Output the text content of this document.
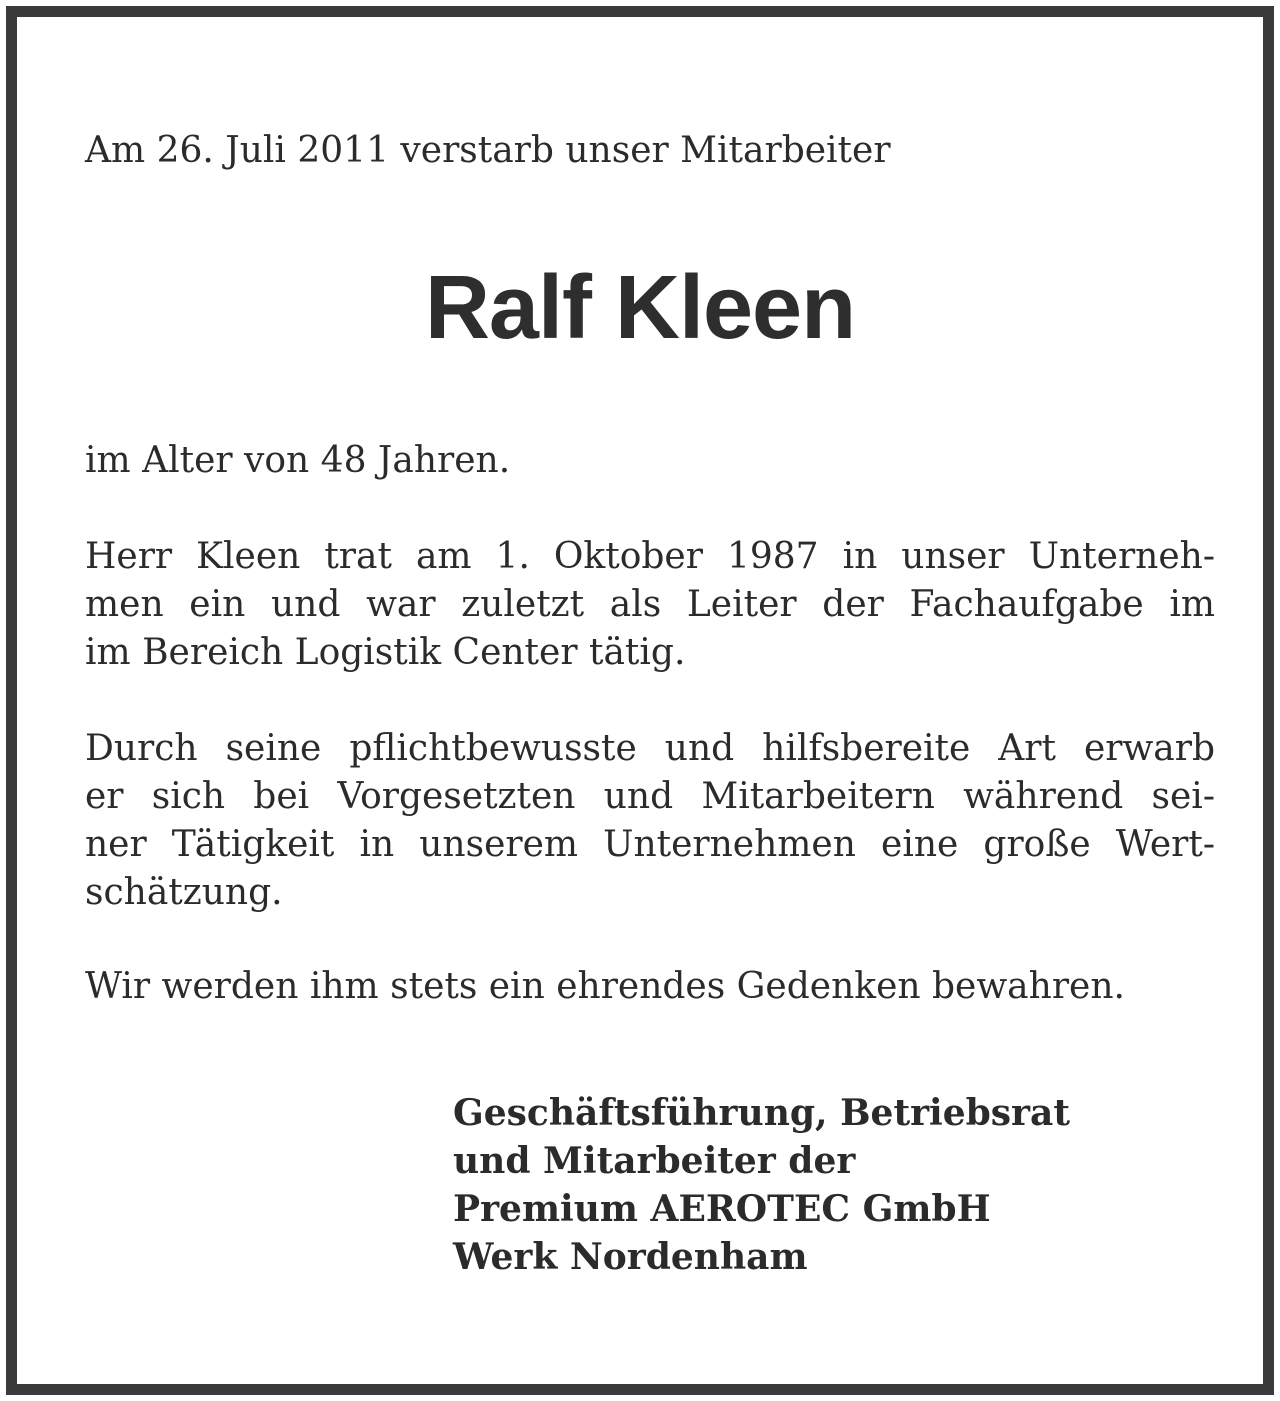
Am 26. Juli 2011 verstarb unser Mitarbeiter
Ralf Kleen
im Alter von 48 Jahren.
Herr Kleen trat am 1. Oktober 1987 in unser Unterneh-
men ein und war zuletzt als Leiter der Fachaufgabe im
im Bereich Logistik Center tätig.
Durch seine pflichtbewusste und hilfsbereite Art erwarb
er sich bei Vorgesetzten und Mitarbeitern während sei-
ner Tätigkeit in unserem Unternehmen eine große Wert-
schätzung.
Wir werden ihm stets ein ehrendes Gedenken bewahren.
Geschäftsführung, Betriebsrat
und Mitarbeiter der
Premium AEROTEC GmbH
Werk Nordenham
